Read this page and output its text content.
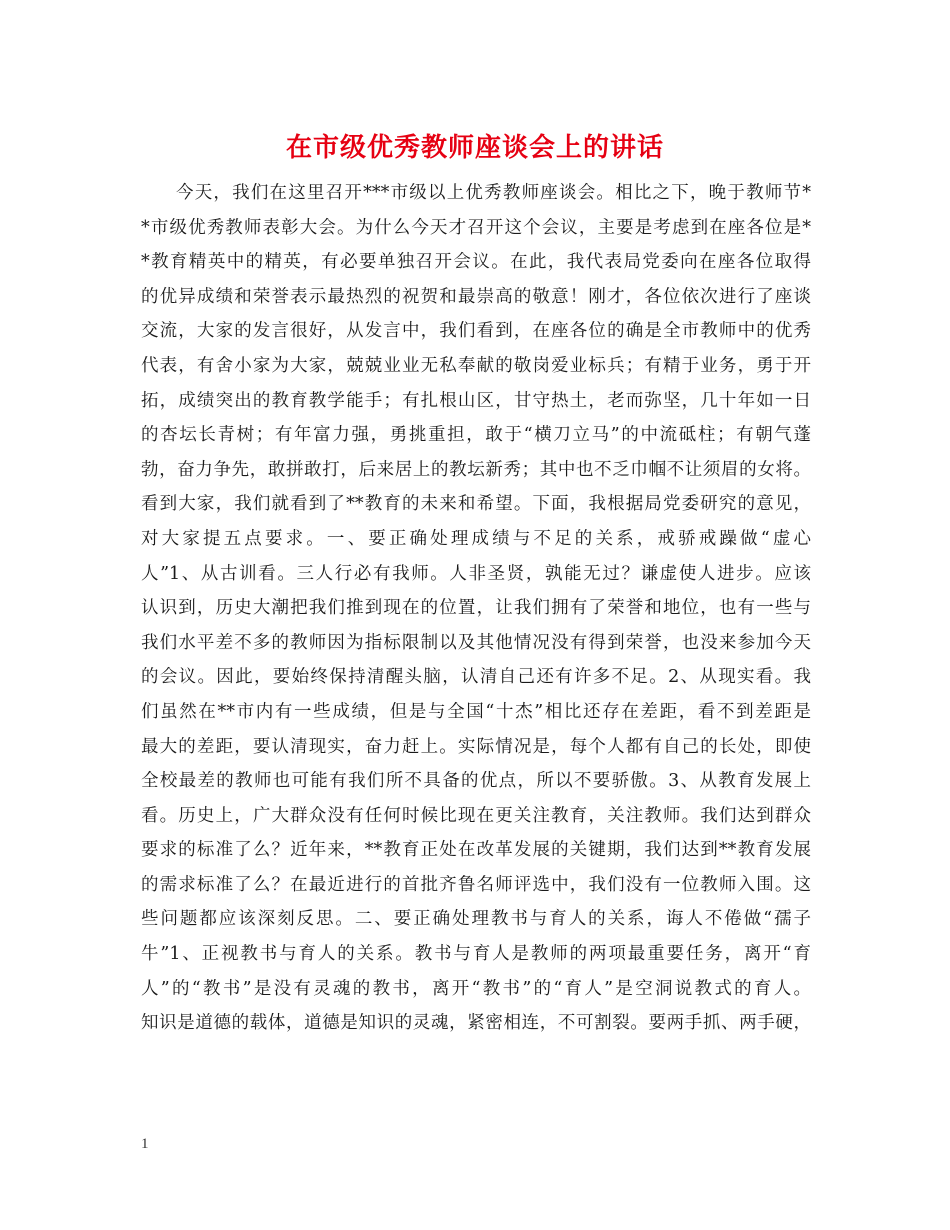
在市级优秀教师座谈会上的讲话
今天，我们在这里召开***市级以上优秀教师座谈会。相比之下，晚于教师节*
*市级优秀教师表彰大会。为什么今天才召开这个会议，主要是考虑到在座各位是*
*教育精英中的精英，有必要单独召开会议。在此，我代表局党委向在座各位取得
的优异成绩和荣誉表示最热烈的祝贺和最崇高的敬意！刚才，各位依次进行了座谈
交流，大家的发言很好，从发言中，我们看到，在座各位的确是全市教师中的优秀
代表，有舍小家为大家，兢兢业业无私奉献的敬岗爱业标兵；有精于业务，勇于开
拓，成绩突出的教育教学能手；有扎根山区，甘守热土，老而弥坚，几十年如一日
的杏坛长青树；有年富力强，勇挑重担，敢于“横刀立马”的中流砥柱；有朝气蓬
勃，奋力争先，敢拼敢打，后来居上的教坛新秀；其中也不乏巾帼不让须眉的女将。
看到大家，我们就看到了**教育的未来和希望。下面，我根据局党委研究的意见，
对大家提五点要求。一、要正确处理成绩与不足的关系，戒骄戒躁做“虚心
人”1、从古训看。三人行必有我师。人非圣贤，孰能无过？谦虚使人进步。应该
认识到，历史大潮把我们推到现在的位置，让我们拥有了荣誉和地位，也有一些与
我们水平差不多的教师因为指标限制以及其他情况没有得到荣誉，也没来参加今天
的会议。因此，要始终保持清醒头脑，认清自己还有许多不足。2、从现实看。我
们虽然在**市内有一些成绩，但是与全国“十杰”相比还存在差距，看不到差距是
最大的差距，要认清现实，奋力赶上。实际情况是，每个人都有自己的长处，即使
全校最差的教师也可能有我们所不具备的优点，所以不要骄傲。3、从教育发展上
看。历史上，广大群众没有任何时候比现在更关注教育，关注教师。我们达到群众
要求的标准了么？近年来，**教育正处在改革发展的关键期，我们达到**教育发展
的需求标准了么？在最近进行的首批齐鲁名师评选中，我们没有一位教师入围。这
些问题都应该深刻反思。二、要正确处理教书与育人的关系，诲人不倦做“孺子
牛”1、正视教书与育人的关系。教书与育人是教师的两项最重要任务，离开“育
人”的“教书”是没有灵魂的教书，离开“教书”的“育人”是空洞说教式的育人。
知识是道德的载体，道德是知识的灵魂，紧密相连，不可割裂。要两手抓、两手硬，
1
